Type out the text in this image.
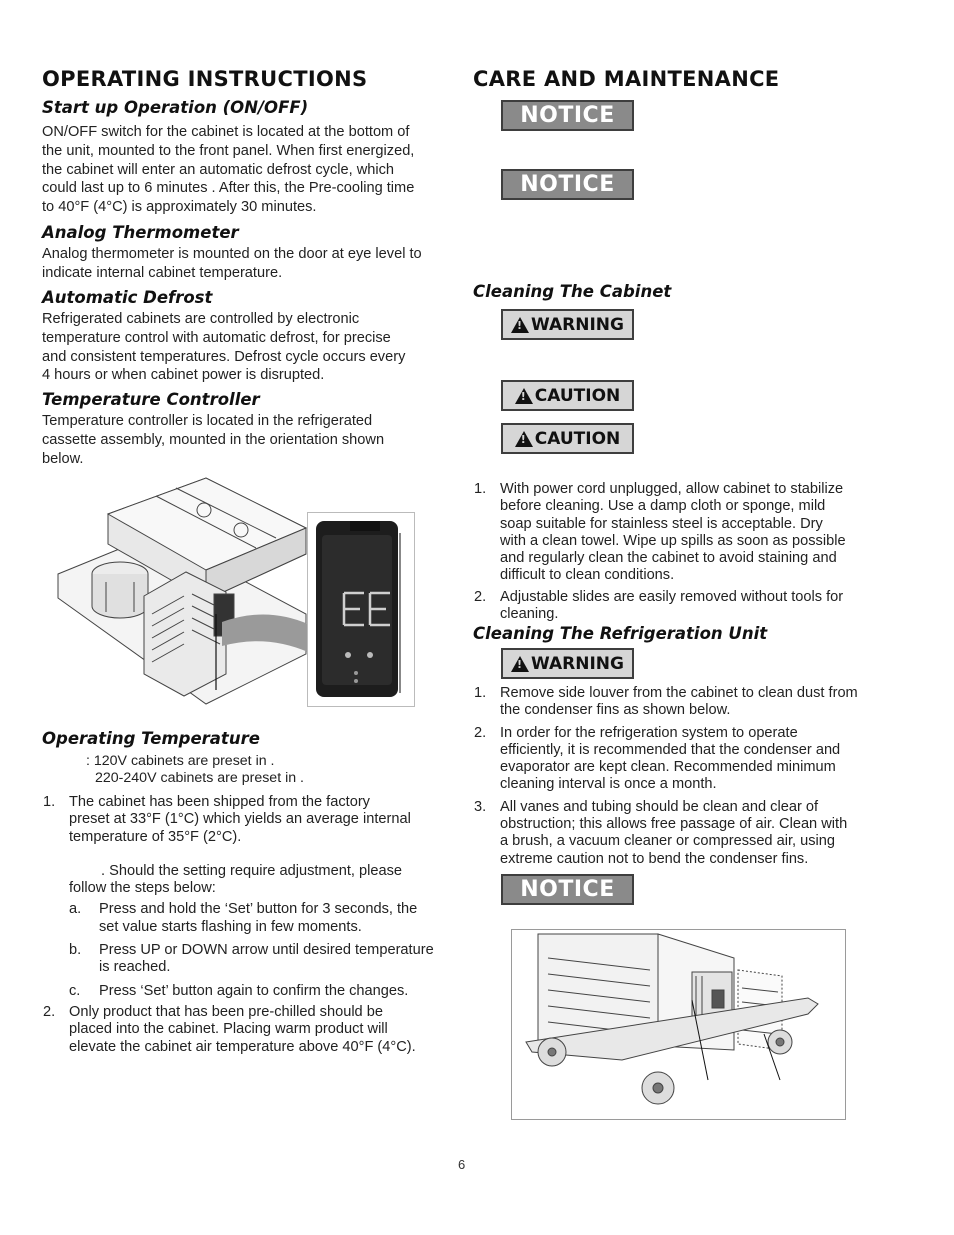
OPERATING INSTRUCTIONS
Start up Operation (ON/OFF)
ON/OFF switch for the cabinet is located at the bottom of
the unit, mounted to the front panel. When first energized,
the cabinet will enter an automatic defrost cycle, which
could last up to 6 minutes . After this, the Pre-cooling time
to 40°F (4°C) is approximately 30 minutes.
Analog Thermometer
Analog thermometer is mounted on the door at eye level to
indicate internal cabinet temperature.
Automatic Defrost
Refrigerated cabinets are controlled by electronic
temperature control with automatic defrost, for precise
and consistent temperatures. Defrost cycle occurs every
4 hours or when cabinet power is disrupted.
Temperature Controller
Temperature controller is located in the refrigerated
cassette assembly, mounted in the orientation shown
below.
Operating Temperature
: 120V cabinets are preset in .
220-240V cabinets are preset in .
1. The cabinet has been shipped from the factory
preset at 33°F (1°C) which yields an average internal
temperature of 35°F (2°C).
. Should the setting require adjustment, please
follow the steps below:
a. Press and hold the ‘Set’ button for 3 seconds, the
set value starts flashing in few moments.
b. Press UP or DOWN arrow until desired temperature
is reached.
c. Press ‘Set’ button again to confirm the changes.
2. Only product that has been pre-chilled should be
placed into the cabinet. Placing warm product will
elevate the cabinet air temperature above 40°F (4°C).
CARE AND MAINTENANCE
NOTICE
NOTICE
Cleaning The Cabinet
!
WARNING
!
CAUTION
!
CAUTION
1. With power cord unplugged, allow cabinet to stabilize
before cleaning. Use a damp cloth or sponge, mild
soap suitable for stainless steel is acceptable. Dry
with a clean towel. Wipe up spills as soon as possible
and regularly clean the cabinet to avoid staining and
difficult to clean conditions.
2. Adjustable slides are easily removed without tools for
cleaning.
Cleaning The Refrigeration Unit
!
WARNING
1. Remove side louver from the cabinet to clean dust from
the condenser fins as shown below.
2. In order for the refrigeration system to operate
efficiently, it is recommended that the condenser and
evaporator are kept clean. Recommended minimum
cleaning interval is once a month.
3. All vanes and tubing should be clean and clear of
obstruction; this allows free passage of air. Clean with
a brush, a vacuum cleaner or compressed air, using
extreme caution not to bend the condenser fins.
NOTICE
6
